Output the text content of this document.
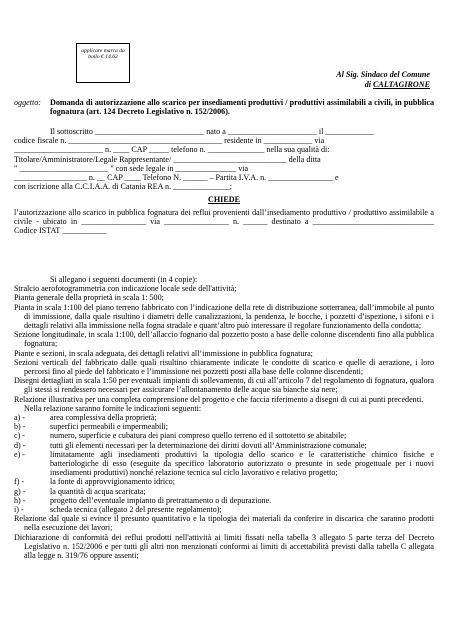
applicare marca da bollo € 14.62
Al Sig. Sindaco del Comune
di CALTAGIRONE
oggetto:	Domanda di autorizzazione allo scarico per insediamenti produttivi / produttivi assimilabili a civili, in pubblica fognatura (art. 124 Decreto Legislativo n. 152/2006).

Il sottoscritto ___________________________ nato a ______________________ il ____________

codice fiscale n. ______________________________________ residente in ____________ via

______________________ n. ____ CAP _____ telefono n. ______________ nella sua qualità di:

Titolare/Amministratore/Legale Rappresentante/ ____________________________ della ditta

" ______________________ " con sede legale in _______________ via

__________________ n. __ CAP ____ Telefono N. ______ – Partita I.V.A. n. ________________ e

con iscrizione alla C.C.I.A.A. di Catania REA n. ______________;

CHIEDE

l’autorizzazione allo scarico in pubblica fognatura dei reflui provenienti dall’insediamento produttivo / produttivo assimilabile a civile - ubicato in ________________ via ________________ n. ______ destinato a ______________________________ Codice ISTAT ___________

Si allegano i seguenti documenti (in 4 copie):

Stralcio aerofotogrammetria con indicazione locale sede dell'attività;

Pianta generale della proprietà in scala 1: 500;

Pianta in scala 1:100 del piano terreno fabbricato con l’indicazione della rete di distribuzione sotterranea, dall’immobile al punto di immissione, dalla quale risultino i diametri delle canalizzazioni, la pendenza, le bocche, i pozzetti d’ispezione, i sifoni e i dettagli relativi alla immissione nella fogna stradale e quant’altro può interessare il regolare funzionamento della condotta;

Sezione longitudinale, in scala 1:100, dell’allaccio fognario dal pozzetto posto a base delle colonne discendenti fino alla pubblica fognatura;

Piante e sezioni, in scala adeguata, dei dettagli relativi all’immissione in pubblica fognatura;

Sezioni verticali del fabbricato dalle quali risultino chiaramente indicate le condotte di scarico e quelle di aerazione, i loro percorsi fino al piede del fabbricato e l’immissione nei pozzetti posti alla base delle colonne discendenti;

Disegni dettagliati in scala 1:50 per eventuali impianti di sollevamento, di cui all’articolo 7 del regolamento di fognatura, qualora gli stessi si rendessero necessari per assicurare l’allontanamento delle acque sia bianche sia nere;

Relazione illustrativa per una completa comprensione del progetto e che faccia riferimento a disegni di cui ai punti precedenti.

Nella relazione saranno fornite le indicazioni seguenti:

a) -	area complessiva della proprietà;
b) -	superfici permeabili e impermeabili;
c) -	numero, superficie e cubatura dei piani compreso quello terreno ed il sottotetto se abitabile;
d) -	tutti gli elementi necessari per la determinazione dei diritti dovuti all’Amministrazione comunale;
e) -	limitatamente agli insediamenti produttivi la tipologia dello scarico e le caratteristiche chimico fisiche e batteriologiche di esso (eseguite da specifico laboratorio autorizzato o presunte in sede progettuale per i nuovi insediamenti produttivi) nonché relazione tecnica sul ciclo lavorativo e relativo progetto;
f) -	la fonte di approvvigionamento idrico;
g) -	la quantità di acqua scaricata;
h) -	progetto dell’eventuale impianto di pretrattamento o di depurazione.
i) -	scheda tecnica (allegato 2 del presente regolamento);

Relazione dal quale si evince il presunto quantitativo e la tipologia dei materiali da conferire in discarica che saranno prodotti nella esecuzione dei lavori;

Dichiarazione di conformità dei reflui prodotti nell'attività ai limiti fissati nella tabella 3 allegato 5 parte terza del Decreto Legislativo n. 152/2006 e per tutti gli altri non menzionati conformi ai limiti di accettabilità previsti dalla tabella C allegata alla legge n. 319/76 oppure assenti;
